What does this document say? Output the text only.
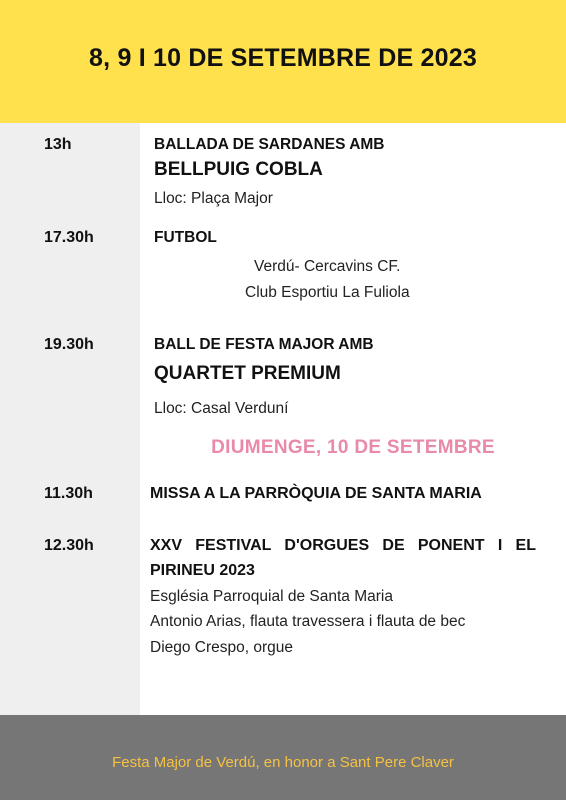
8, 9 I 10 DE SETEMBRE DE 2023
13h	BALLADA DE SARDANES AMB
BELLPUIG COBLA
Lloc: Plaça Major
17.30h	FUTBOL
Verdú- Cercavins CF.
Club Esportiu La Fuliola
19.30h	BALL DE FESTA MAJOR AMB
QUARTET PREMIUM
Lloc: Casal Verduní
DIUMENGE, 10 DE SETEMBRE
11.30h	MISSA A LA PARRÒQUIA DE SANTA MARIA
12.30h	XXV FESTIVAL D'ORGUES DE PONENT I EL
PIRINEU 2023
Església Parroquial de Santa Maria
Antonio Arias, flauta travessera i flauta de bec
Diego Crespo, orgue
Festa Major de Verdú, en honor a Sant Pere Claver
